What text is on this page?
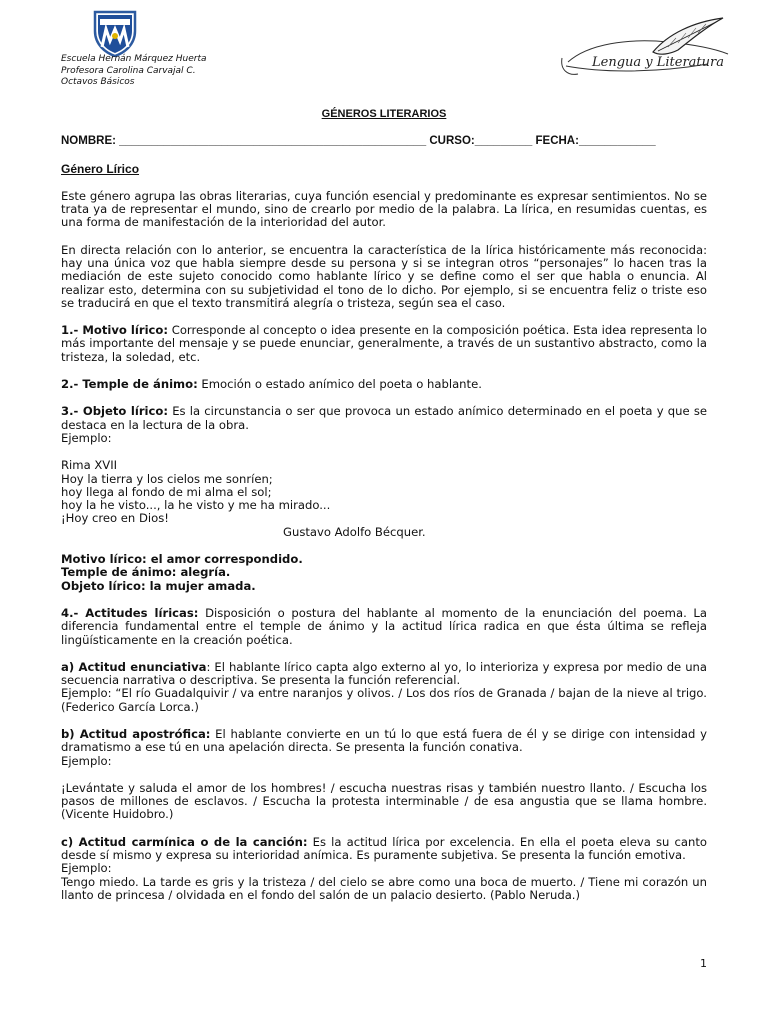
Escuela Hernán Márquez Huerta
Profesora Carolina Carvajal C.
Octavos Básicos
Lengua y Literatura
GÉNEROS LITERARIOS
NOMBRE: ________________________________________________ CURSO:_________ FECHA:____________

Género Lírico

Este género agrupa las obras literarias, cuya función esencial y predominante es expresar sentimientos. No se trata ya de representar el mundo, sino de crearlo por medio de la palabra. La lírica, en resumidas cuentas, es una forma de manifestación de la interioridad del autor.

En directa relación con lo anterior, se encuentra la característica de la lírica históricamente más reconocida: hay una única voz que habla siempre desde su persona y si se integran otros “personajes” lo hacen tras la mediación de este sujeto conocido como hablante lírico y se define como el ser que habla o enuncia. Al realizar esto, determina con su subjetividad el tono de lo dicho. Por ejemplo, si se encuentra feliz o triste eso se traducirá en que el texto transmitirá alegría o tristeza, según sea el caso.

1.- Motivo lírico: Corresponde al concepto o idea presente en la composición poética. Esta idea representa lo más importante del mensaje y se puede enunciar, generalmente, a través de un sustantivo abstracto, como la tristeza, la soledad, etc.

2.- Temple de ánimo: Emoción o estado anímico del poeta o hablante.

3.- Objeto lírico: Es la circunstancia o ser que provoca un estado anímico determinado en el poeta y que se destaca en la lectura de la obra.

Ejemplo:

Rima XVII

Hoy la tierra y los cielos me sonríen;

hoy llega al fondo de mi alma el sol;

hoy la he visto..., la he visto y me ha mirado...

¡Hoy creo en Dios!

Gustavo Adolfo Bécquer.

Motivo lírico: el amor correspondido.

Temple de ánimo: alegría.

Objeto lírico: la mujer amada.

4.- Actitudes líricas: Disposición o postura del hablante al momento de la enunciación del poema. La diferencia fundamental entre el temple de ánimo y la actitud lírica radica en que ésta última se refleja lingüísticamente en la creación poética.

a) Actitud enunciativa: El hablante lírico capta algo externo al yo, lo interioriza y expresa por medio de una secuencia narrativa o descriptiva. Se presenta la función referencial.

Ejemplo: “El río Guadalquivir / va entre naranjos y olivos. / Los dos ríos de Granada / bajan de la nieve al trigo. (Federico García Lorca.)

b) Actitud apostrófica: El hablante convierte en un tú lo que está fuera de él y se dirige con intensidad y dramatismo a ese tú en una apelación directa. Se presenta la función conativa.

Ejemplo:

¡Levántate y saluda el amor de los hombres! / escucha nuestras risas y también nuestro llanto. / Escucha los pasos de millones de esclavos. / Escucha la protesta interminable / de esa angustia que se llama hombre. (Vicente Huidobro.)

c) Actitud carmínica o de la canción: Es la actitud lírica por excelencia. En ella el poeta eleva su canto desde sí mismo y expresa su interioridad anímica. Es puramente subjetiva. Se presenta la función emotiva.

Ejemplo:

Tengo miedo. La tarde es gris y la tristeza / del cielo se abre como una boca de muerto. / Tiene mi corazón un llanto de princesa / olvidada en el fondo del salón de un palacio desierto. (Pablo Neruda.)

1
